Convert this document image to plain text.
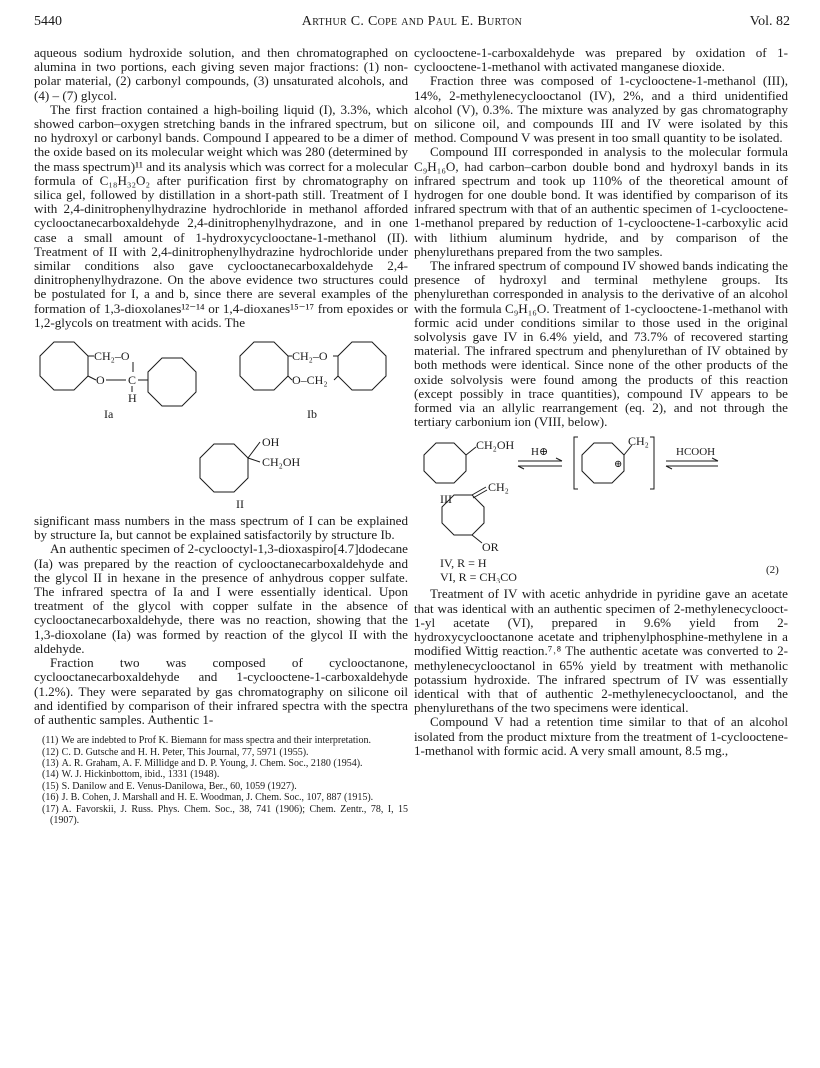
5440	Arthur C. Cope and Paul E. Burton	Vol. 82

aqueous sodium hydroxide solution, and then chromatographed on alumina in two portions, each giving seven major fractions: (1) non-polar material, (2) carbonyl compounds, (3) unsaturated alcohols, and (4) – (7) glycol.

The first fraction contained a high-boiling liquid (I), 3.3%, which showed carbon–oxygen stretching bands in the infrared spectrum, but no hydroxyl or carbonyl bands. Compound I appeared to be a dimer of the oxide based on its molecular weight which was 280 (determined by the mass spectrum)¹¹ and its analysis which was correct for a molecular formula of C₁₈H₃₂O₂ after purification first by chromatography on silica gel, followed by distillation in a short-path still. Treatment of I with 2,4-dinitrophenylhydrazine hydrochloride in methanol afforded cyclooctanecarboxaldehyde 2,4-dinitrophenylhydrazone, and in one case a small amount of 1-hydroxycyclooctane-1-methanol (II). Treatment of II with 2,4-dinitrophenylhydrazine hydrochloride under similar conditions also gave cyclooctanecarboxaldehyde 2,4-dinitrophenylhydrazone. On the above evidence two structures could be postulated for I, a and b, since there are several examples of the formation of 1,3-dioxolanes¹²⁻¹⁴ or 1,4-dioxanes¹⁵⁻¹⁷ from epoxides or 1,2-glycols on treatment with acids. The

CH₂–O
O C
H
Ia
CH₂–O
O–CH₂
Ib
OH
CH₂OH
II

significant mass numbers in the mass spectrum of I can be explained by structure Ia, but cannot be explained satisfactorily by structure Ib.

An authentic specimen of 2-cyclooctyl-1,3-dioxaspiro[4.7]dodecane (Ia) was prepared by the reaction of cyclooctanecarboxaldehyde and the glycol II in hexane in the presence of anhydrous copper sulfate. The infrared spectra of Ia and I were essentially identical. Upon treatment of the glycol with copper sulfate in the absence of cyclooctanecarboxaldehyde, there was no reaction, showing that the 1,3-dioxolane (Ia) was formed by reaction of the glycol II with the aldehyde.

Fraction two was composed of cyclooctanone, cyclooctanecarboxaldehyde and 1-cyclooctene-1-carboxaldehyde (1.2%). They were separated by gas chromatography on silicone oil and identified by comparison of their infrared spectra with the spectra of authentic samples. Authentic 1-

(11) We are indebted to Prof K. Biemann for mass spectra and their interpretation.

(12) C. D. Gutsche and H. H. Peter, This Journal, 77, 5971 (1955).

(13) A. R. Graham, A. F. Millidge and D. P. Young, J. Chem. Soc., 2180 (1954).

(14) W. J. Hickinbottom, ibid., 1331 (1948).

(15) S. Danilow and E. Venus-Danilowa, Ber., 60, 1059 (1927).

(16) J. B. Cohen, J. Marshall and H. E. Woodman, J. Chem. Soc., 107, 887 (1915).

(17) A. Favorskii, J. Russ. Phys. Chem. Soc., 38, 741 (1906); Chem. Zentr., 78, I, 15 (1907).

cyclooctene-1-carboxaldehyde was prepared by oxidation of 1-cyclooctene-1-methanol with activated manganese dioxide.

Fraction three was composed of 1-cyclooctene-1-methanol (III), 14%, 2-methylenecyclooctanol (IV), 2%, and a third unidentified alcohol (V), 0.3%. The mixture was analyzed by gas chromatography on silicone oil, and compounds III and IV were isolated by this method. Compound V was present in too small quantity to be isolated.

Compound III corresponded in analysis to the molecular formula C₉H₁₆O, had carbon–carbon double bond and hydroxyl bands in its infrared spectrum and took up 110% of the theoretical amount of hydrogen for one double bond. It was identified by comparison of its infrared spectrum with that of an authentic specimen of 1-cyclooctene-1-methanol prepared by reduction of 1-cyclooctene-1-carboxylic acid with lithium aluminum hydride, and by comparison of the phenylurethans prepared from the two samples.

The infrared spectrum of compound IV showed bands indicating the presence of hydroxyl and terminal methylene groups. Its phenylurethan corresponded in analysis to the derivative of an alcohol with the formula C₉H₁₆O. Treatment of 1-cyclooctene-1-methanol with formic acid under conditions similar to those used in the original solvolysis gave IV in 6.4% yield, and 73.7% of recovered starting material. The infrared spectrum and phenylurethan of IV obtained by both methods were identical. Since none of the other products of the oxide solvolysis were found among the products of this reaction (except possibly in trace quantities), compound IV appears to be formed via an allylic rearrangement (eq. 2), and not through the tertiary carbonium ion (VIII, below).

CH₂OH
III
H⊕
CH₂
⊕
HCOOH
CH₂
OR
IV, R = H
VI, R = CH₃CO	(2)

Treatment of IV with acetic anhydride in pyridine gave an acetate that was identical with an authentic specimen of 2-methylenecyclooct-1-yl acetate (VI), prepared in 9.6% yield from 2-hydroxycyclooctanone acetate and triphenylphosphine-methylene in a modified Wittig reaction.⁷˒⁸ The authentic acetate was converted to 2-methylenecyclooctanol in 65% yield by treatment with methanolic potassium hydroxide. The infrared spectrum of IV was essentially identical with that of authentic 2-methylenecyclooctanol, and the phenylurethans of the two specimens were identical.

Compound V had a retention time similar to that of an alcohol isolated from the product mixture from the treatment of 1-cyclooctene-1-methanol with formic acid. A very small amount, 8.5 mg.,
